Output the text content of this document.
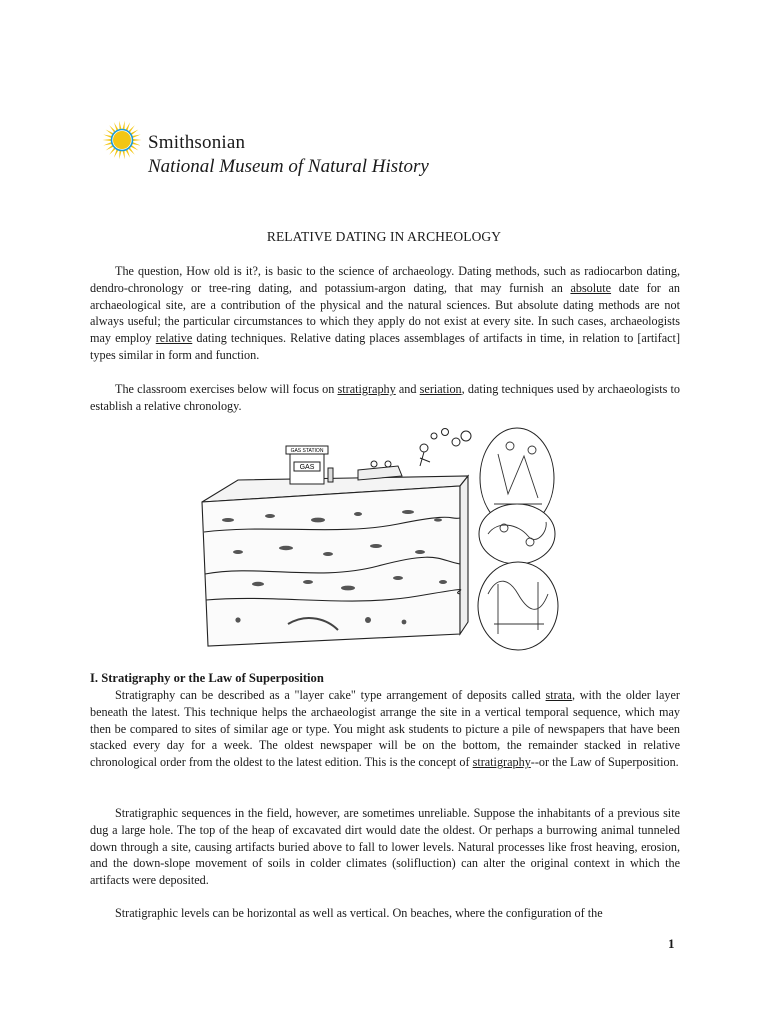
Smithsonian
National Museum of Natural History
RELATIVE DATING IN ARCHEOLOGY
The question, How old is it?, is basic to the science of archaeology. Dating methods, such as radiocarbon dating, dendro-chronology or tree-ring dating, and potassium-argon dating, that may furnish an absolute date for an archaeological site, are a contribution of the physical and the natural sciences. But absolute dating methods are not always useful; the particular circumstances to which they apply do not exist at every site. In such cases, archaeologists may employ relative dating techniques. Relative dating places assemblages of artifacts in time, in relation to [artifact] types similar in form and function.
The classroom exercises below will focus on stratigraphy and seriation, dating techniques used by archaeologists to establish a relative chronology.
GAS STATION
GAS
I. Stratigraphy or the Law of Superposition
Stratigraphy can be described as a "layer cake" type arrangement of deposits called strata, with the older layer beneath the latest. This technique helps the archaeologist arrange the site in a vertical temporal sequence, which may then be compared to sites of similar age or type. You might ask students to picture a pile of newspapers that have been stacked every day for a week. The oldest newspaper will be on the bottom, the remainder stacked in relative chronological order from the oldest to the latest edition. This is the concept of stratigraphy--or the Law of Superposition.
Stratigraphic sequences in the field, however, are sometimes unreliable. Suppose the inhabitants of a previous site dug a large hole. The top of the heap of excavated dirt would date the oldest. Or perhaps a burrowing animal tunneled down through a site, causing artifacts buried above to fall to lower levels. Natural processes like frost heaving, erosion, and the down-slope movement of soils in colder climates (solifluction) can alter the original context in which the artifacts were deposited.
Stratigraphic levels can be horizontal as well as vertical. On beaches, where the configuration of the
1
